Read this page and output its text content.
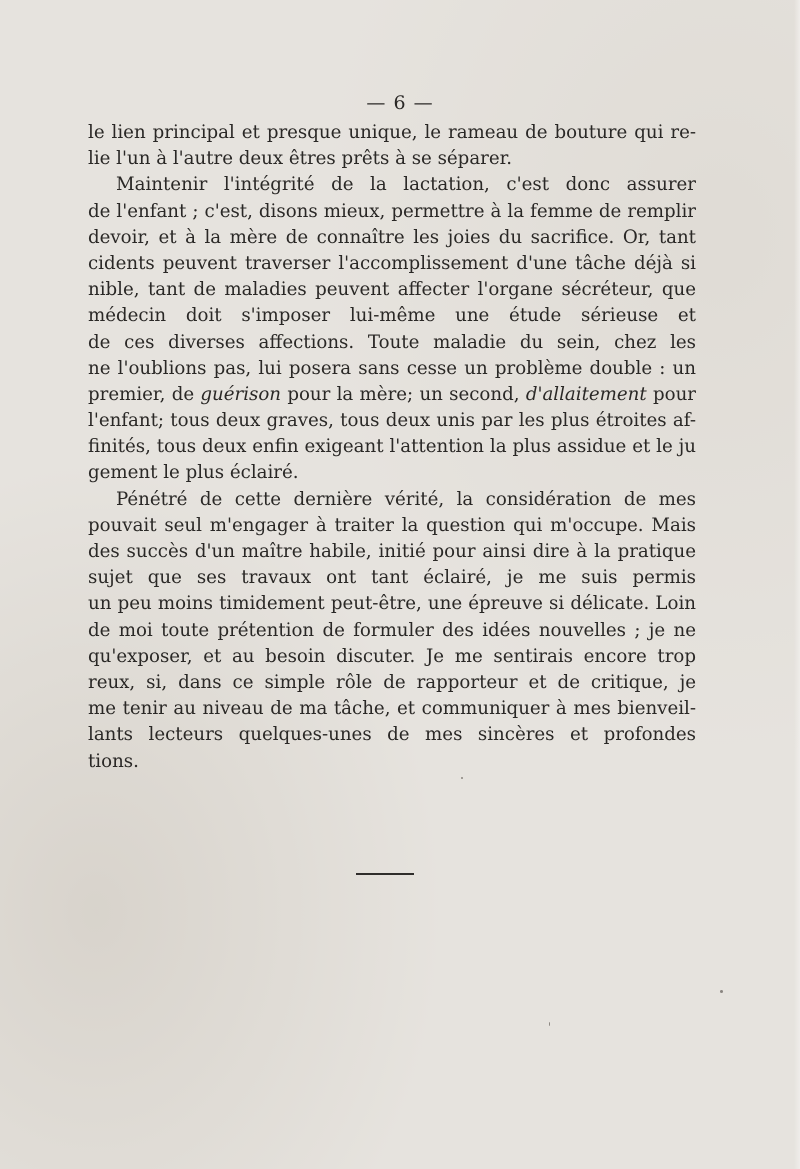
— 6 —
le lien principal et presque unique, le rameau de bouture qui re-
lie l'un à l'autre deux êtres prêts à se séparer.
Maintenir l'intégrité de la lactation, c'est donc assurer
de l'enfant ; c'est, disons mieux, permettre à la femme de remplir
devoir, et à la mère de connaître les joies du sacrifice. Or, tant
cidents peuvent traverser l'accomplissement d'une tâche déjà si
nible, tant de maladies peuvent affecter l'organe sécréteur, que
médecin doit s'imposer lui-même une étude sérieuse et
de ces diverses affections. Toute maladie du sein, chez les
ne l'oublions pas, lui posera sans cesse un problème double : un
premier, de guérison pour la mère; un second, d'allaitement pour
l'enfant; tous deux graves, tous deux unis par les plus étroites af-
finités, tous deux enfin exigeant l'attention la plus assidue et le ju
gement le plus éclairé.
Pénétré de cette dernière vérité, la considération de mes
pouvait seul m'engager à traiter la question qui m'occupe. Mais
des succès d'un maître habile, initié pour ainsi dire à la pratique
sujet que ses travaux ont tant éclairé, je me suis permis
un peu moins timidement peut-être, une épreuve si délicate. Loin
de moi toute prétention de formuler des idées nouvelles ; je ne
qu'exposer, et au besoin discuter. Je me sentirais encore trop
reux, si, dans ce simple rôle de rapporteur et de critique, je
me tenir au niveau de ma tâche, et communiquer à mes bienveil-
lants lecteurs quelques-unes de mes sincères et profondes
tions.
